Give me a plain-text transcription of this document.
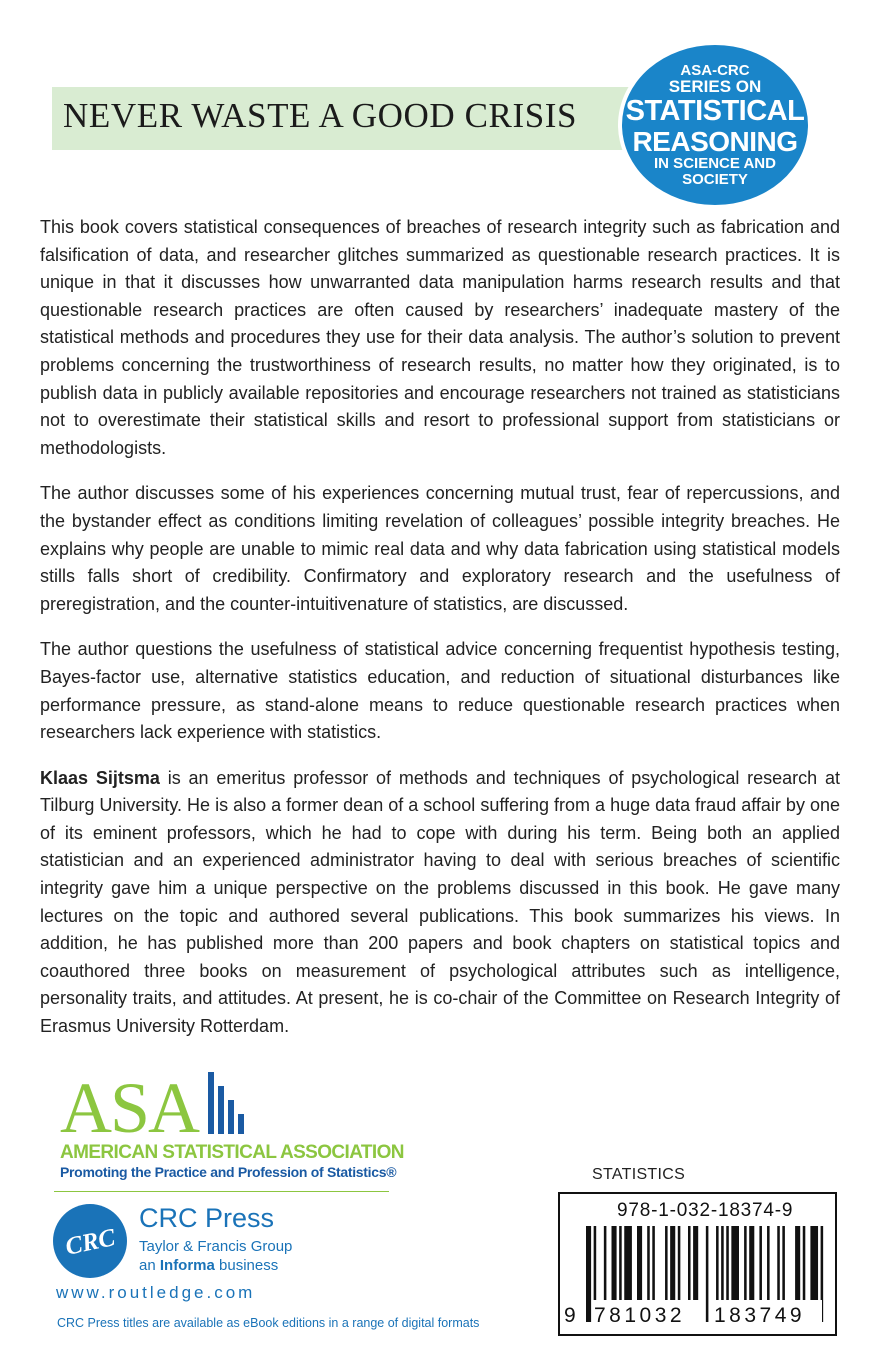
NEVER WASTE A GOOD CRISIS
ASA-CRC
SERIES ON
STATISTICAL
REASONING
IN SCIENCE AND
SOCIETY

This book covers statistical consequences of breaches of research integrity such as fabrication and falsification of data, and researcher glitches summarized as questionable research practices. It is unique in that it discusses how unwarranted data manipulation harms research results and that questionable research practices are often caused by researchers’ inadequate mastery of the statistical methods and procedures they use for their data analysis. The author’s solution to prevent problems concerning the trustworthiness of research results, no matter how they originated, is to publish data in publicly available repositories and encourage researchers not trained as statisticians not to overestimate their statistical skills and resort to professional support from statisticians or methodologists.

The author discusses some of his experiences concerning mutual trust, fear of repercussions, and the bystander effect as conditions limiting revelation of colleagues’ possible integrity breaches. He explains why people are unable to mimic real data and why data fabrication using statistical models stills falls short of credibility. Confirmatory and exploratory research and the usefulness of preregistration, and the counter-intuitivenature of statistics, are discussed.

The author questions the usefulness of statistical advice concerning frequentist hypothesis testing, Bayes-factor use, alternative statistics education, and reduction of situational disturbances like performance pressure, as stand-alone means to reduce questionable research practices when researchers lack experience with statistics.

Klaas Sijtsma is an emeritus professor of methods and techniques of psychological research at Tilburg University. He is also a former dean of a school suffering from a huge data fraud affair by one of its eminent professors, which he had to cope with during his term. Being both an applied statistician and an experienced administrator having to deal with serious breaches of scientific integrity gave him a unique perspective on the problems discussed in this book. He gave many lectures on the topic and authored several publications. This book summarizes his views. In addition, he has published more than 200 papers and book chapters on statistical topics and coauthored three books on measurement of psychological attributes such as intelligence, personality traits, and attitudes. At present, he is co-chair of the Committee on Research Integrity of Erasmus University Rotterdam.

ASA
AMERICAN STATISTICAL ASSOCIATION
Promoting the Practice and Profession of Statistics®
CRC
CRC Press
Taylor & Francis Group
an Informa business
www.routledge.com
CRC Press titles are available as eBook editions in a range of digital formats
STATISTICS
978-1-032-18374-9
9 781032 183749
